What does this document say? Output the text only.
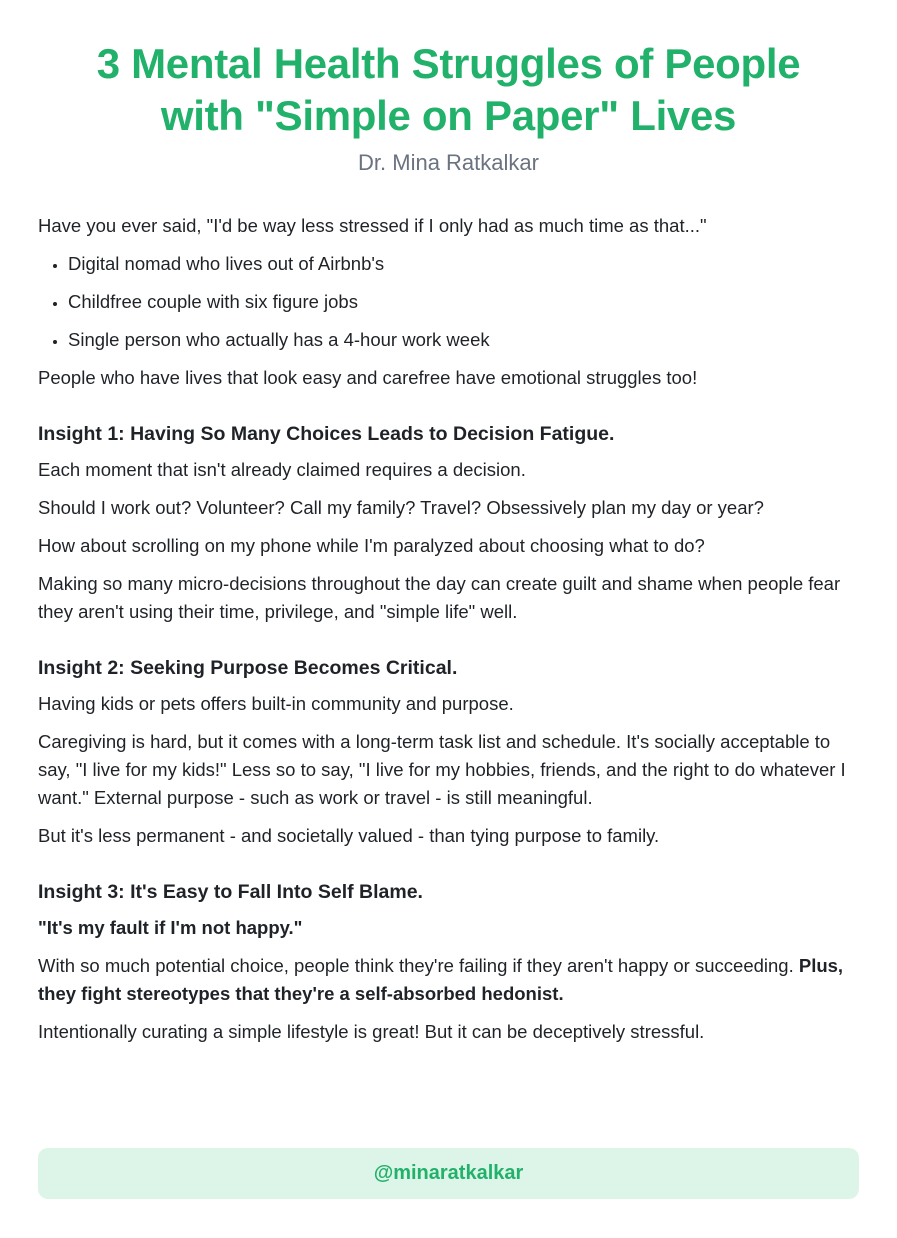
3 Mental Health Struggles of People
with "Simple on Paper" Lives
Dr. Mina Ratkalkar

Have you ever said, "I'd be way less stressed if I only had as much time as that..."

• Digital nomad who lives out of Airbnb's
• Childfree couple with six figure jobs
• Single person who actually has a 4-hour work week

People who have lives that look easy and carefree have emotional struggles too!

Insight 1: Having So Many Choices Leads to Decision Fatigue.

Each moment that isn't already claimed requires a decision.

Should I work out? Volunteer? Call my family? Travel? Obsessively plan my day or year?

How about scrolling on my phone while I'm paralyzed about choosing what to do?

Making so many micro-decisions throughout the day can create guilt and shame when people fear they aren't using their time, privilege, and "simple life" well.

Insight 2: Seeking Purpose Becomes Critical.

Having kids or pets offers built-in community and purpose.

Caregiving is hard, but it comes with a long-term task list and schedule. It's socially acceptable to say, "I live for my kids!" Less so to say, "I live for my hobbies, friends, and the right to do whatever I want." External purpose - such as work or travel - is still meaningful.

But it's less permanent - and societally valued - than tying purpose to family.

Insight 3: It's Easy to Fall Into Self Blame.

"It's my fault if I'm not happy."

With so much potential choice, people think they're failing if they aren't happy or succeeding. Plus, they fight stereotypes that they're a self-absorbed hedonist.

Intentionally curating a simple lifestyle is great! But it can be deceptively stressful.

@minaratkalkar
